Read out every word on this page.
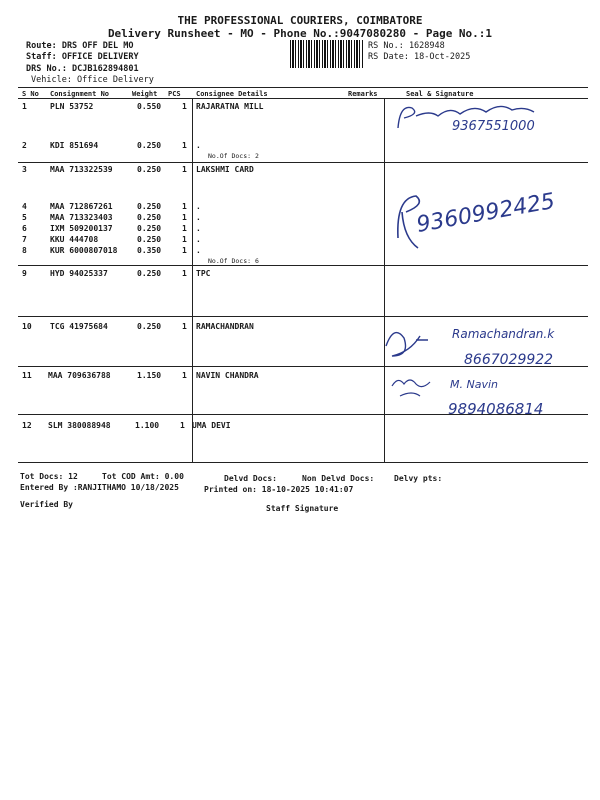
THE PROFESSIONAL COURIERS, COIMBATORE
Delivery Runsheet - MO - Phone No.:9047080280 - Page No.:1
Route: DRS OFF DEL MO
Staff: OFFICE DELIVERY
DRS No.: DCJB162894801
Vehicle: Office Delivery
RS No.: 1628948
RS Date: 18-Oct-2025
S No Consignment No	Weight PCS Consignee Details	Remarks	Seal & Signature
1	PLN 53752	0.550	1 RAJARATNA MILL
2	KDI 851694	0.250	1 .
No.Of Docs: 2
3	MAA 713322539	0.250	1 LAKSHMI CARD
4	MAA 712867261	0.250	1 .
5	MAA 713323403	0.250	1 .
6	IXM 509200137	0.250	1 .
7	KKU 444708	0.250	1 .
8	KUR 6000807018 0.350	1 .
No.Of Docs: 6
9	HYD 94025337	0.250	1 TPC
10 TCG 41975684	0.250	1 RAMACHANDRAN
11 MAA 709636788	1.150	1 NAVIN CHANDRA
12 SLM 380088948	1.100	1 UMA DEVI
9367551000
9360992425
Ramachandran.k
8667029922
M. Navin
9894086814
Tot Docs: 12	Tot COD Amt: 0.00	Delvd Docs:	Non Delvd Docs: Delvy pts:
Entered By :RANJITHAMO 10/18/2025	Printed on: 18-10-2025 10:41:07
Verified By	Staff Signature
